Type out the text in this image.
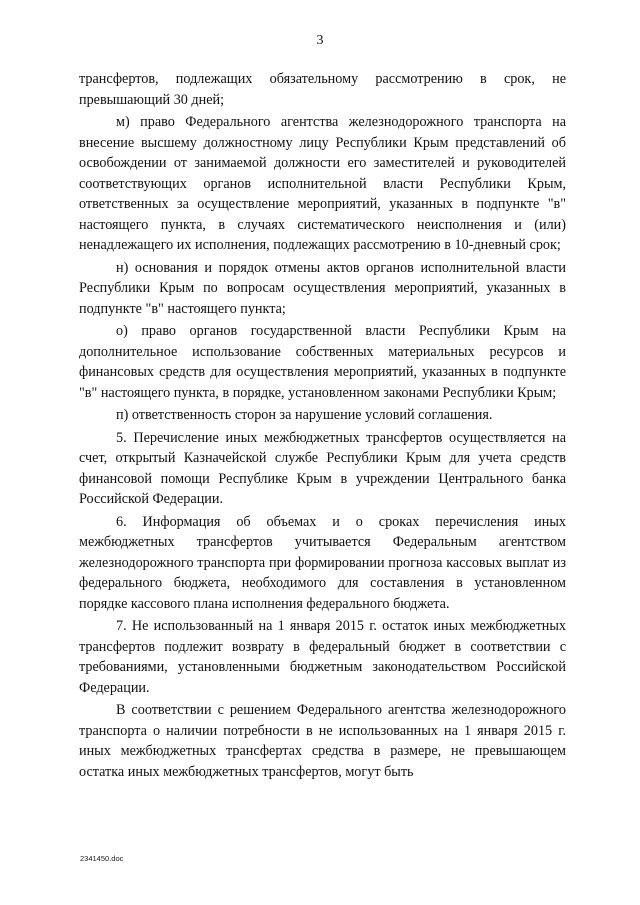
3

трансфертов, подлежащих обязательному рассмотрению в срок, не превышающий 30 дней;

м) право Федерального агентства железнодорожного транспорта на внесение высшему должностному лицу Республики Крым представлений об освобождении от занимаемой должности его заместителей и руководителей соответствующих органов исполнительной власти Республики Крым, ответственных за осуществление мероприятий, указанных в подпункте "в" настоящего пункта, в случаях систематического неисполнения и (или) ненадлежащего их исполнения, подлежащих рассмотрению в 10-дневный срок;

н) основания и порядок отмены актов органов исполнительной власти Республики Крым по вопросам осуществления мероприятий, указанных в подпункте "в" настоящего пункта;

о) право органов государственной власти Республики Крым на дополнительное использование собственных материальных ресурсов и финансовых средств для осуществления мероприятий, указанных в подпункте "в" настоящего пункта, в порядке, установленном законами Республики Крым;

п) ответственность сторон за нарушение условий соглашения.

5. Перечисление иных межбюджетных трансфертов осуществляется на счет, открытый Казначейской службе Республики Крым для учета средств финансовой помощи Республике Крым в учреждении Центрального банка Российской Федерации.

6. Информация об объемах и о сроках перечисления иных межбюджетных трансфертов учитывается Федеральным агентством железнодорожного транспорта при формировании прогноза кассовых выплат из федерального бюджета, необходимого для составления в установленном порядке кассового плана исполнения федерального бюджета.

7. Не использованный на 1 января 2015 г. остаток иных межбюджетных трансфертов подлежит возврату в федеральный бюджет в соответствии с требованиями, установленными бюджетным законодательством Российской Федерации.

В соответствии с решением Федерального агентства железнодорожного транспорта о наличии потребности в не использованных на 1 января 2015 г. иных межбюджетных трансфертах средства в размере, не превышающем остатка иных межбюджетных трансфертов, могут быть

2341450.doc
